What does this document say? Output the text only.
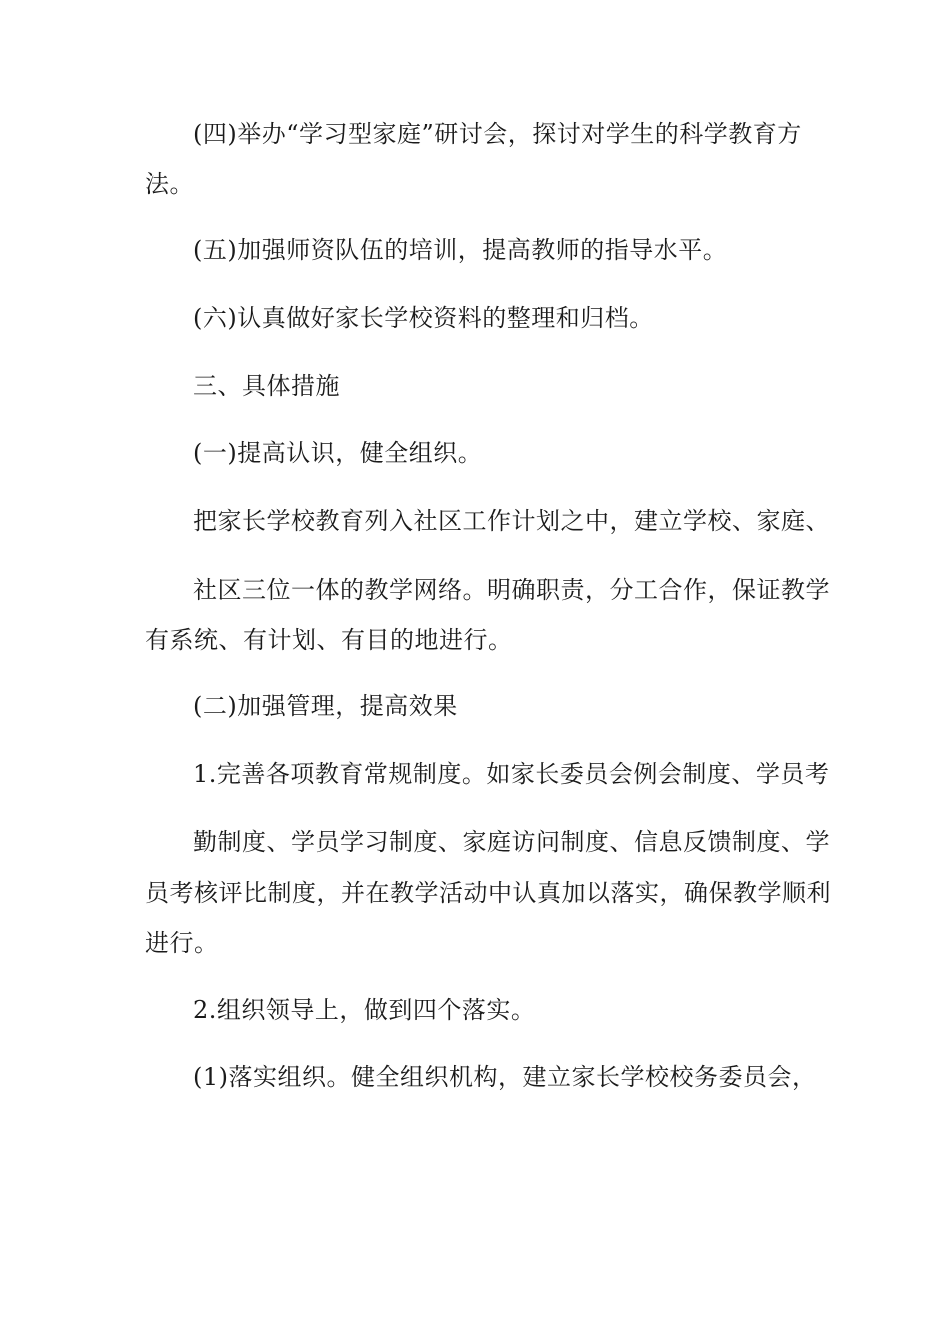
(四)举办“学习型家庭”研讨会，探讨对学生的科学教育方
法。
(五)加强师资队伍的培训，提高教师的指导水平。
(六)认真做好家长学校资料的整理和归档。
三、具体措施
(一)提高认识，健全组织。
把家长学校教育列入社区工作计划之中，建立学校、家庭、
社区三位一体的教学网络。明确职责，分工合作，保证教学
有系统、有计划、有目的地进行。
(二)加强管理，提高效果
1.完善各项教育常规制度。如家长委员会例会制度、学员考
勤制度、学员学习制度、家庭访问制度、信息反馈制度、学
员考核评比制度，并在教学活动中认真加以落实，确保教学顺利
进行。
2.组织领导上，做到四个落实。
(1)落实组织。健全组织机构，建立家长学校校务委员会，
